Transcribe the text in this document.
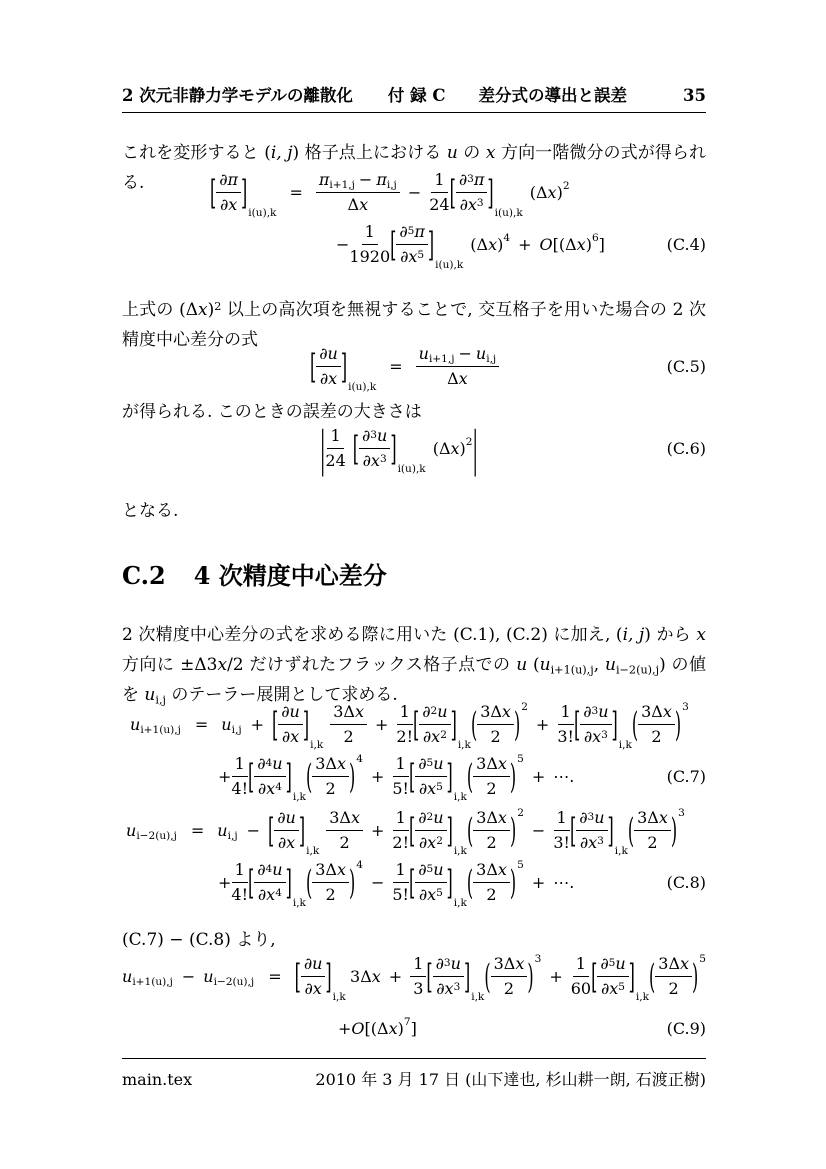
2 次元非静力学モデルの離散化 付 録 C　　差分式の導出と誤差	35
これを変形すると (i, j) 格子点上における u の x 方向一階微分の式が得られる.	[ $\frac{\partial\pi}{\partial x}$ ]
i(u),k
= $\frac{\pi i+1,j - \pi i,j}{\Delta x} - \frac{1}{24}$ [ $\frac{\partial 3\pi}{\partial x3}$ ]
i(u),k
(Δ x ) 2
− $\frac{1}{1920}$ [ $\frac{\partial 5\pi}{\partial x5}$ ]
i(u),k
(Δ x ) 4 + O [(Δ x ) 6 ]	(C.4)
上式の $(\Delta x)^2$ 以上の高次項を無視することで, 交互格子を用いた場合の 2 次精度中心差分の式
[ $\frac{\partial u}{\partial x}$ ]
i(u),k
= $\frac{ui+1,j - ui,j}{\Delta x}$	(C.5)
が得られる. このときの誤差の大きさは
| $\frac{1}{24}$ [ $\frac{\partial 3u}{\partial x3}$ ]
i(u),k
(Δ x ) 2 |	(C.6)
となる.
C.2 4 次精度中心差分
2 次精度中心差分の式を求める際に用いた (C.1), (C.2) に加え, (i, j) から x 方向に ±Δ3x/2 だけずれたフラックス格子点での u ($u_{i+1(u),j}$, $u_{i-2(u),j}$) の値を $u_{i,j}$ のテーラー展開として求める.
u i+1(u),j = u i,j + [ $\frac{\partial u}{\partial x}$ ]
$i,k \frac{3\Delta x}{2} + \frac{1}{2!}$ [ $\frac{\partial 2u}{\partial x2}$ ]
i,k
( $\frac{3\Delta x}{2}$ ) 2
+ $\frac{1}{3!}$ [ $\frac{\partial 3u}{\partial x3}$ ]
i,k
( $\frac{3\Delta x}{2}$ ) 3
+ $\frac{1}{4!}$ [ $\frac{\partial 4u}{\partial x4}$ ]
i,k
( $\frac{3\Delta x}{2}$ ) 4
+ $\frac{1}{5!}$ [ $\frac{\partial 5u}{\partial x5}$ ]
i,k
( $\frac{3\Delta x}{2}$ ) 5
+ ⋯.	(C.7)
u i−2(u),j = u i,j − [ $\frac{\partial u}{\partial x}$ ]
$i,k \frac{3\Delta x}{2} + \frac{1}{2!}$ [ $\frac{\partial 2u}{\partial x2}$ ]
i,k
( $\frac{3\Delta x}{2}$ ) 2
− $\frac{1}{3!}$ [ $\frac{\partial 3u}{\partial x3}$ ]
i,k
( $\frac{3\Delta x}{2}$ ) 3
+ $\frac{1}{4!}$ [ $\frac{\partial 4u}{\partial x4}$ ]
i,k
( $\frac{3\Delta x}{2}$ ) 4
− $\frac{1}{5!}$ [ $\frac{\partial 5u}{\partial x5}$ ]
i,k
( $\frac{3\Delta x}{2}$ ) 5
+ ⋯.	(C.8)
(C.7) − (C.8) より,
u i+1(u),j − u i−2(u),j = [ $\frac{\partial u}{\partial x}$ ]
i,k
3Δ $x + \frac{1}{3}$ [ $\frac{\partial 3u}{\partial x3}$ ]
i,k
( $\frac{3\Delta x}{2}$ ) 3
+ $\frac{1}{60}$ [ $\frac{\partial 5u}{\partial x5}$ ]
i,k
( $\frac{3\Delta x}{2}$ ) 5
+ O [(Δ x ) 7 ]	(C.9)
main.tex	2010 年 3 月 17 日 (山下達也, 杉山耕一朗, 石渡正樹)
